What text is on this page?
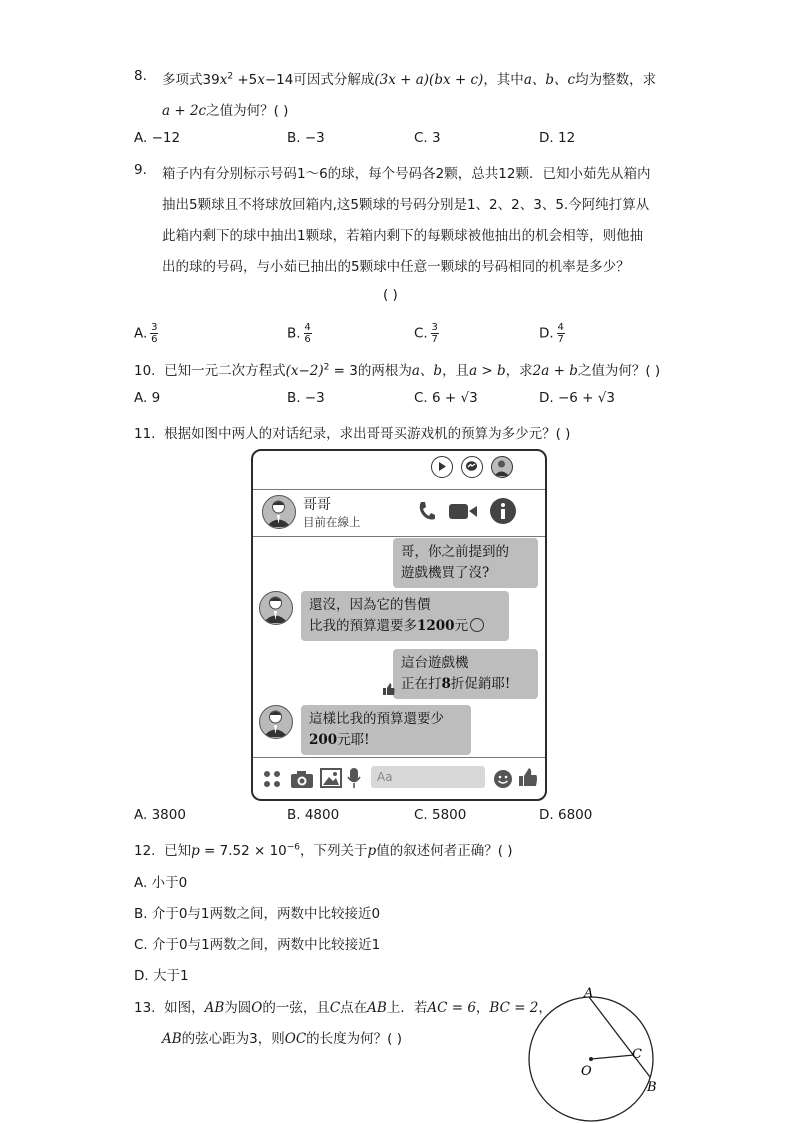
8. 多项式$39x^2 +5x-14$可因式分解成(3x + a)(bx + c)，其中a、b、c均为整数，求
a + 2c之值为何？( )
A. −12	B. −3	C. 3	D. 12
9. 箱子内有分别标示号码1～6的球，每个号码各2颗，总共12颗．已知小茹先从箱内
抽出5颗球且不将球放回箱内,这5颗球的号码分别是1、2、2、3、5.今阿纯打算从
此箱内剩下的球中抽出1颗球，若箱内剩下的每颗球被他抽出的机会相等，则他抽
出的球的号码，与小茹已抽出的5颗球中任意一颗球的号码相同的机率是多少？
( )
A. $\frac{3}{6}$	B. $\frac{4}{6}$	C. $\frac{3}{7}$	D. $\frac{4}{7}$
10. 已知一元二次方程式$(x-2)^2 = 3$的两根为a、b，且a > b，求2a + b之值为何？( )
A. 9	B. −3	C. 6 + √3	D. −6 + √3
11. 根据如图中两人的对话纪录，求出哥哥买游戏机的预算为多少元？( )
哥哥
目前在線上
哥，你之前提到的
遊戲機買了沒?
還沒，因為它的售價
比我的預算還要多1200元
這台遊戲機
正在打8折促銷耶!
這樣比我的預算還要少
200元耶!
Aa
A. 3800	B. 4800	C. 5800	D. 6800
12. 已知$p = 7.52 \times 10^{-6}$，下列关于p值的叙述何者正确？( )
A. 小于0
B. 介于0与1两数之间，两数中比较接近0
C. 介于0与1两数之间，两数中比较接近1
D. 大于1
13. 如图，AB为圆O的一弦，且C点在AB上．若AC = 6，BC = 2，
AB的弦心距为3，则OC的长度为何？( )
A
B
C
O
